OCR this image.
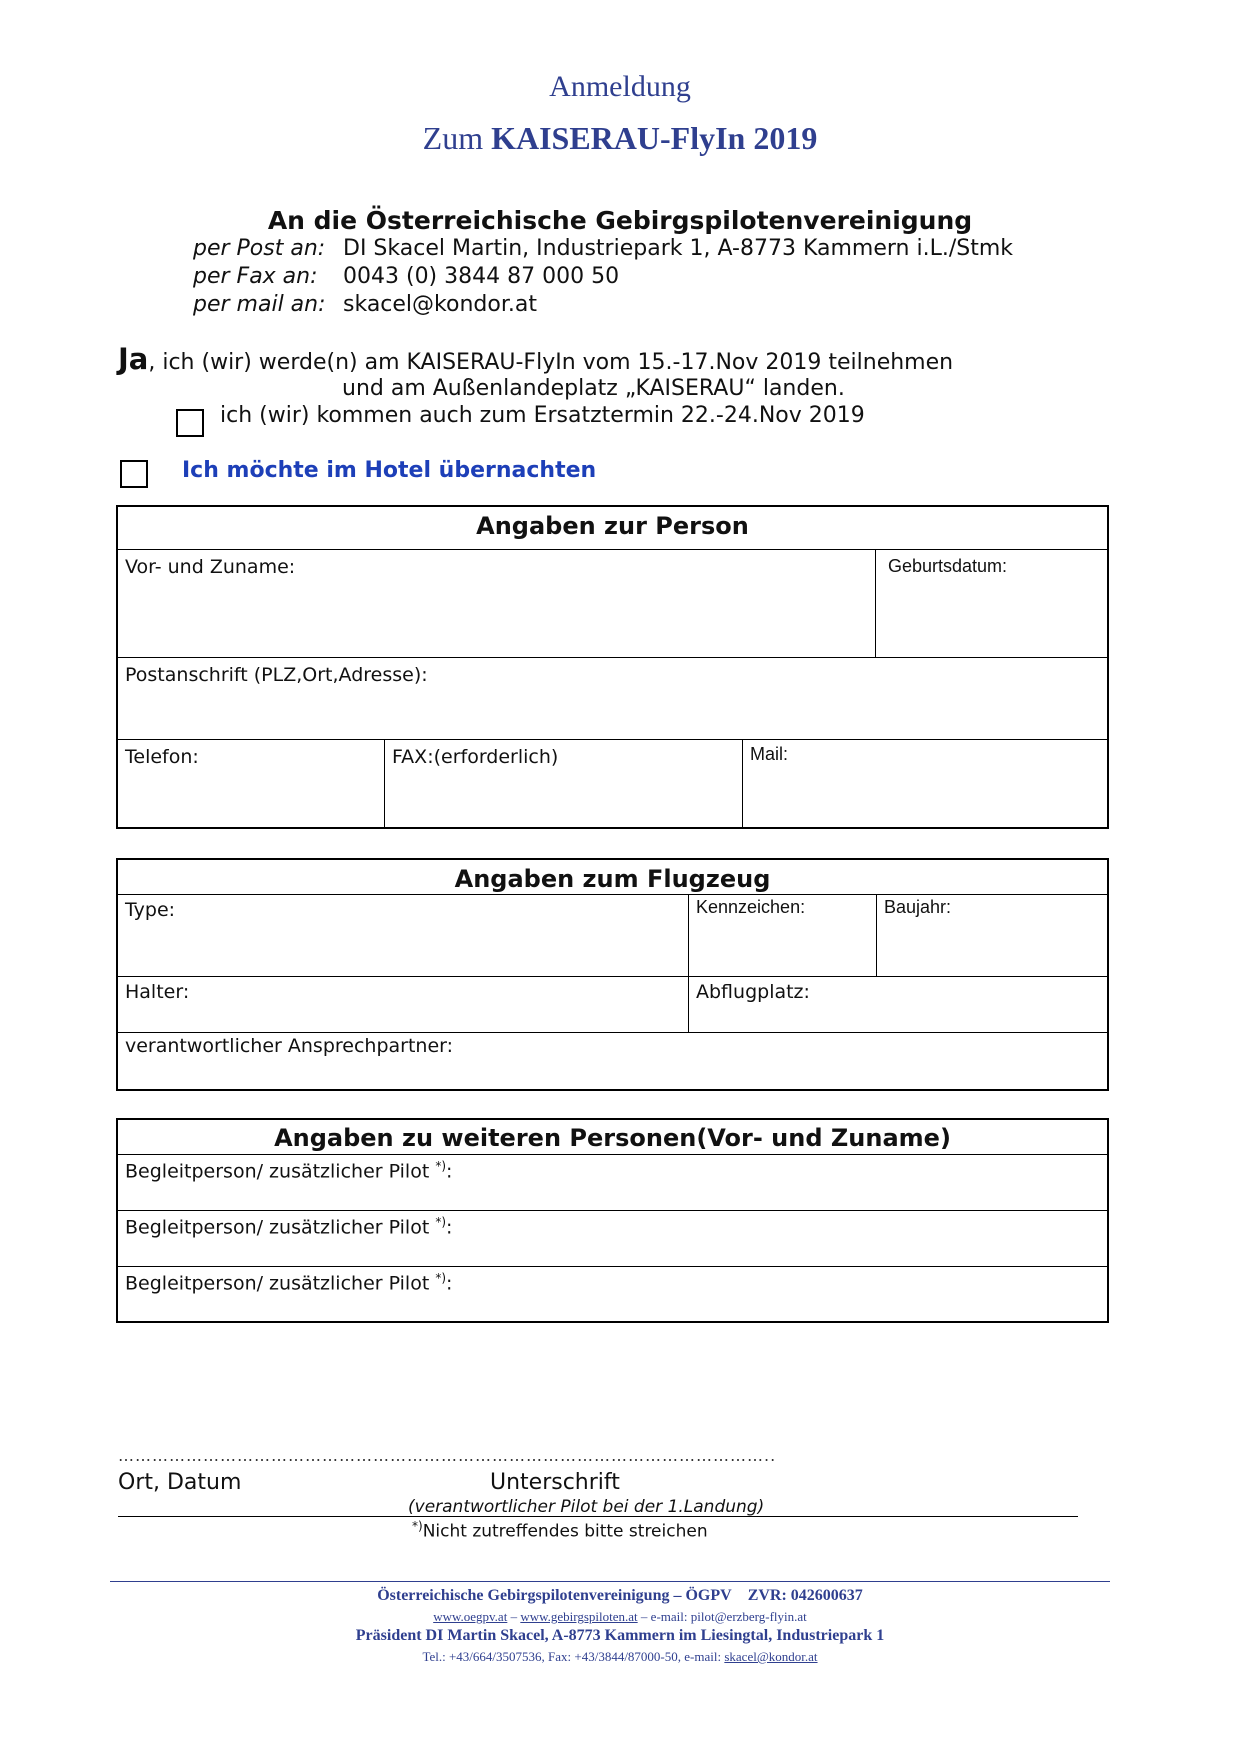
Anmeldung
Zum KAISERAU-FlyIn 2019
An die Österreichische Gebirgspilotenvereinigung
per Post an: DI Skacel Martin, Industriepark 1, A-8773 Kammern i.L./Stmk
per Fax an: 0043 (0) 3844 87 000 50
per mail an: skacel@kondor.at
Ja, ich (wir) werde(n) am KAISERAU-FlyIn vom 15.-17.Nov 2019 teilnehmen
und am Außenlandeplatz „KAISERAU“ landen.
ich (wir) kommen auch zum Ersatztermin 22.-24.Nov 2019
Ich möchte im Hotel übernachten
Angaben zur Person
Vor- und Zuname:	Geburtsdatum:
Postanschrift (PLZ,Ort,Adresse):
Telefon:	FAX:(erforderlich)	Mail:
Angaben zum Flugzeug
Type:	Kennzeichen:	Baujahr:
Halter:	Abflugplatz:
verantwortlicher Ansprechpartner:
Angaben zu weiteren Personen(Vor- und Zuname)
Begleitperson/ zusätzlicher Pilot *):
Begleitperson/ zusätzlicher Pilot *):
Begleitperson/ zusätzlicher Pilot *):
……………………………………………………………………………………………………..
Ort, Datum	Unterschrift
(verantwortlicher Pilot bei der 1.Landung)
*)Nicht zutreffendes bitte streichen
Österreichische Gebirgspilotenvereinigung – ÖGPV ZVR: 042600637
www.oegpv.at – www.gebirgspiloten.at – e-mail: pilot@erzberg-flyin.at
Präsident DI Martin Skacel, A-8773 Kammern im Liesingtal, Industriepark 1
Tel.: +43/664/3507536, Fax: +43/3844/87000-50, e-mail: skacel@kondor.at
